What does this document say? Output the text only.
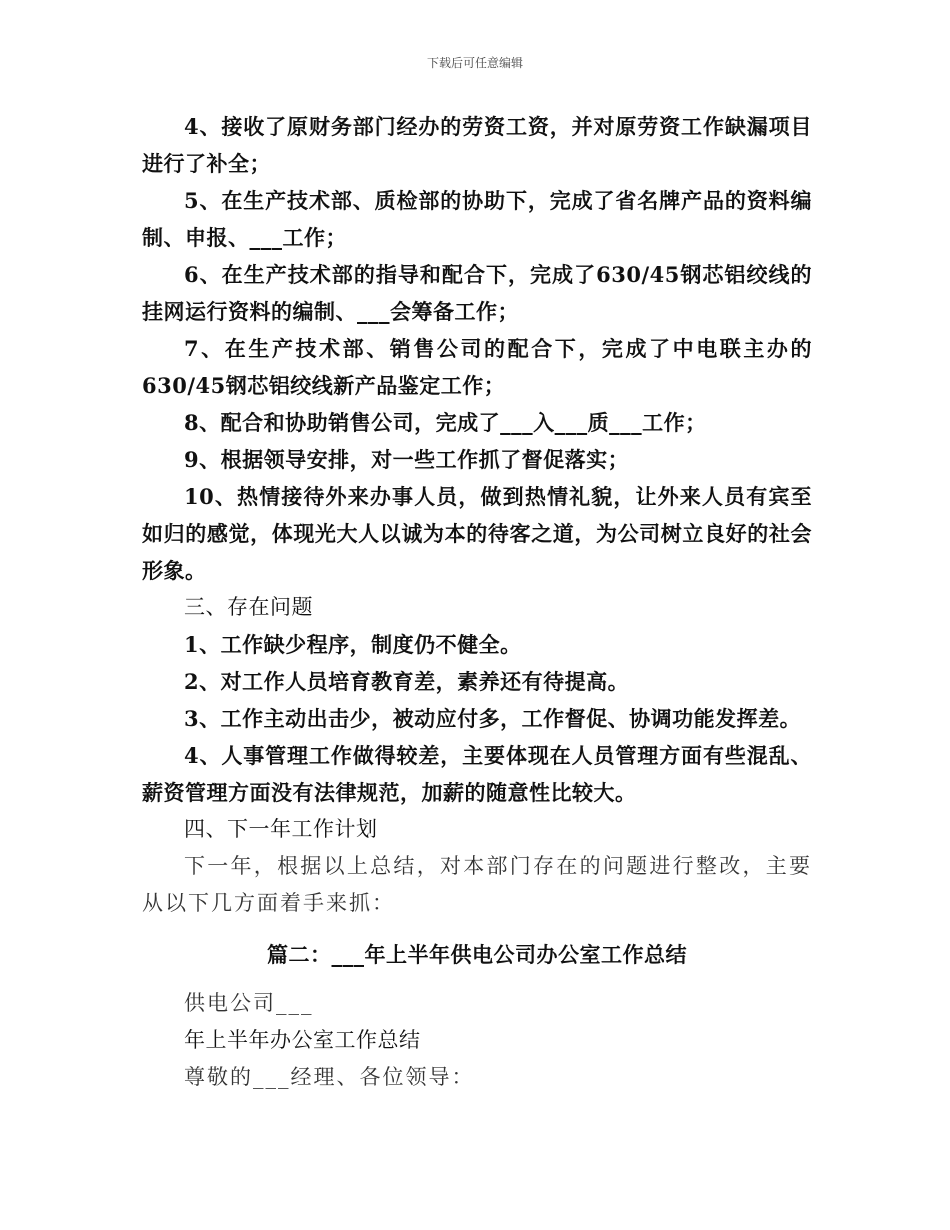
下载后可任意编辑

4、接收了原财务部门经办的劳资工资，并对原劳资工作缺漏项目进行了补全；

5、在生产技术部、质检部的协助下，完成了省名牌产品的资料编制、申报、___工作；

6、在生产技术部的指导和配合下，完成了630/45钢芯铝绞线的挂网运行资料的编制、___会筹备工作；

7、在生产技术部、销售公司的配合下，完成了中电联主办的630/45钢芯铝绞线新产品鉴定工作；

8、配合和协助销售公司，完成了___入___质___工作；

9、根据领导安排，对一些工作抓了督促落实；

10、热情接待外来办事人员，做到热情礼貌，让外来人员有宾至如归的感觉，体现光大人以诚为本的待客之道，为公司树立良好的社会形象。

三、存在问题

1、工作缺少程序，制度仍不健全。

2、对工作人员培育教育差，素养还有待提高。

3、工作主动出击少，被动应付多，工作督促、协调功能发挥差。

4、人事管理工作做得较差，主要体现在人员管理方面有些混乱、薪资管理方面没有法律规范，加薪的随意性比较大。

四、下一年工作计划

下一年，根据以上总结，对本部门存在的问题进行整改，主要从以下几方面着手来抓：

篇二：___年上半年供电公司办公室工作总结

供电公司___

年上半年办公室工作总结

尊敬的___经理、各位领导：
